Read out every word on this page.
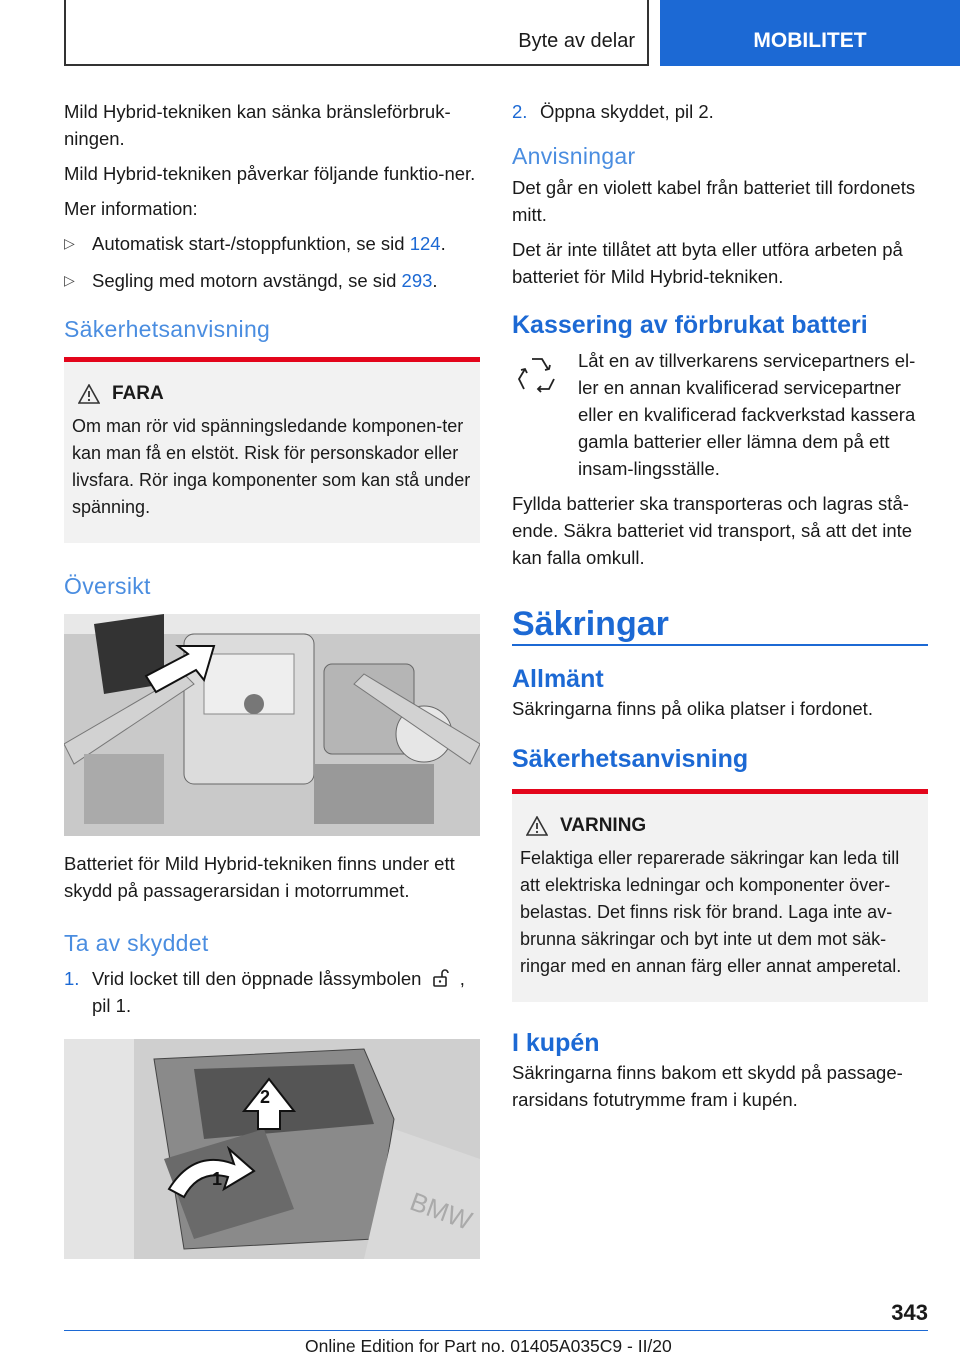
Byte av delar	MOBILITET

Mild Hybrid-tekniken kan sänka bränsleförbruk-ningen.

Mild Hybrid-tekniken påverkar följande funktio-ner.

Mer information:

▷ Automatisk start-/stoppfunktion, se sid 124.
▷ Segling med motorn avstängd, se sid 293.
Säkerhetsanvisning
FARA
Om man rör vid spänningsledande komponen-ter kan man få en elstöt. Risk för personskador eller livsfara. Rör inga komponenter som kan stå under spänning.
Översikt

Batteriet för Mild Hybrid-tekniken finns under ett skydd på passagerarsidan i motorrummet.

Ta av skyddet
1. Vrid locket till den öppnade låssymbolen  , pil 1.
BMW
2
1
2. Öppna skyddet, pil 2.
Anvisningar

Det går en violett kabel från batteriet till fordonets mitt.

Det är inte tillåtet att byta eller utföra arbeten på batteriet för Mild Hybrid-tekniken.

Kassering av förbrukat batteri

Låt en av tillverkarens servicepartners el-ler en annan kvalificerad servicepartner eller en kvalificerad fackverkstad kassera gamla batterier eller lämna dem på ett insam-lingsställe.

Fyllda batterier ska transporteras och lagras stå-ende. Säkra batteriet vid transport, så att det inte kan falla omkull.

Säkringar
Allmänt

Säkringarna finns på olika platser i fordonet.

Säkerhetsanvisning
VARNING
Felaktiga eller reparerade säkringar kan leda till att elektriska ledningar och komponenter över-belastas. Det finns risk för brand. Laga inte av-brunna säkringar och byt inte ut dem mot säk-ringar med en annan färg eller annat amperetal.
I kupén

Säkringarna finns bakom ett skydd på passage-rarsidans fotutrymme fram i kupén.

343
Online Edition for Part no. 01405A035C9 - II/20
